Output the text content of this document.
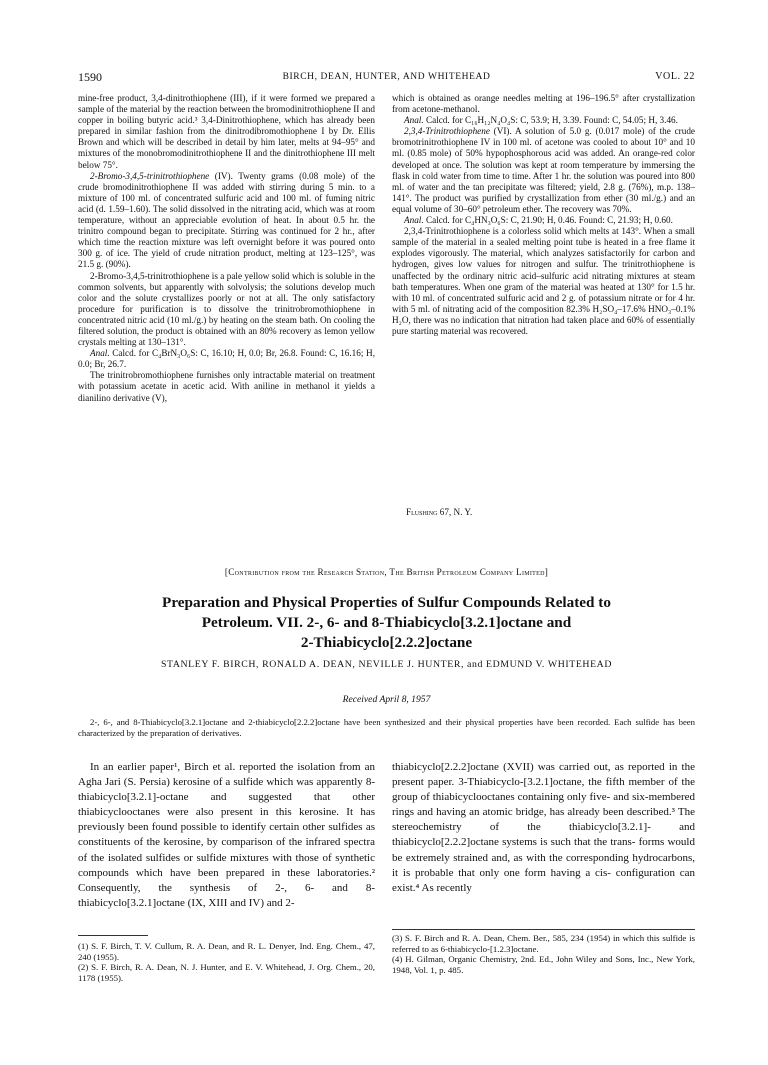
1590	BIRCH, DEAN, HUNTER, AND WHITEHEAD	VOL. 22

mine-free product, 3,4-dinitrothiophene (III), if it were formed we prepared a sample of the material by the reaction between the bromodinitrothiophene II and copper in boiling butyric acid.³ 3,4-Dinitrothiophene, which has already been prepared in similar fashion from the dinitrodibromothiophene I by Dr. Ellis Brown and which will be described in detail by him later, melts at 94–95° and mixtures of the monobromodinitrothiophene II and the dinitrothiophene III melt below 75°.

2-Bromo-3,4,5-trinitrothiophene (IV). Twenty grams (0.08 mole) of the crude bromodinitrothiophene II was added with stirring during 5 min. to a mixture of 100 ml. of concentrated sulfuric acid and 100 ml. of fuming nitric acid (d. 1.59–1.60). The solid dissolved in the nitrating acid, which was at room temperature, without an appreciable evolution of heat. In about 0.5 hr. the trinitro compound began to precipitate. Stirring was continued for 2 hr., after which time the reaction mixture was left overnight before it was poured onto 300 g. of ice. The yield of crude nitration product, melting at 123–125°, was 21.5 g. (90%).

2-Bromo-3,4,5-trinitrothiophene is a pale yellow solid which is soluble in the common solvents, but apparently with solvolysis; the solutions develop much color and the solute crystallizes poorly or not at all. The only satisfactory procedure for purification is to dissolve the trinitrobromothiophene in concentrated nitric acid (10 ml./g.) by heating on the steam bath. On cooling the filtered solution, the product is obtained with an 80% recovery as lemon yellow crystals melting at 130–131°.

Anal. Calcd. for C₄BrN₃O₆S: C, 16.10; H, 0.0; Br, 26.8. Found: C, 16.16; H, 0.0; Br, 26.7.

The trinitrobromothiophene furnishes only intractable material on treatment with potassium acetate in acetic acid. With aniline in methanol it yields a dianilino derivative (V),

which is obtained as orange needles melting at 196–196.5° after crystallization from acetone-methanol.

Anal. Calcd. for C₁₆H₁₂N₄O₄S: C, 53.9; H, 3.39. Found: C, 54.05; H, 3.46.

2,3,4-Trinitrothiophene (VI). A solution of 5.0 g. (0.017 mole) of the crude bromotrinitrothiophene IV in 100 ml. of acetone was cooled to about 10° and 10 ml. (0.85 mole) of 50% hypophosphorous acid was added. An orange-red color developed at once. The solution was kept at room temperature by immersing the flask in cold water from time to time. After 1 hr. the solution was poured into 800 ml. of water and the tan precipitate was filtered; yield, 2.8 g. (76%), m.p. 138–141°. The product was purified by crystallization from ether (30 ml./g.) and an equal volume of 30–60° petroleum ether. The recovery was 70%.

Anal. Calcd. for C₄HN₃O₆S: C, 21.90; H, 0.46. Found: C, 21.93; H, 0.60.

2,3,4-Trinitrothiophene is a colorless solid which melts at 143°. When a small sample of the material in a sealed melting point tube is heated in a free flame it explodes vigorously. The material, which analyzes satisfactorily for carbon and hydrogen, gives low values for nitrogen and sulfur. The trinitrothiophene is unaffected by the ordinary nitric acid–sulfuric acid nitrating mixtures at steam bath temperatures. When one gram of the material was heated at 130° for 1.5 hr. with 10 ml. of concentrated sulfuric acid and 2 g. of potassium nitrate or for 4 hr. with 5 ml. of nitrating acid of the composition 82.3% H₂SO₄–17.6% HNO₃–0.1% H₂O, there was no indication that nitration had taken place and 60% of essentially pure starting material was recovered.

Flushing 67, N. Y.
[Contribution from the Research Station, The British Petroleum Company Limited]
Preparation and Physical Properties of Sulfur Compounds Related to
Petroleum. VII. 2-, 6- and 8-Thiabicyclo[3.2.1]octane and
2-Thiabicyclo[2.2.2]octane
STANLEY F. BIRCH, RONALD A. DEAN, NEVILLE J. HUNTER, and EDMUND V. WHITEHEAD
Received April 8, 1957
2-, 6-, and 8-Thiabicyclo[3.2.1]octane and 2-thiabicyclo[2.2.2]octane have been synthesized and their physical properties have been recorded. Each sulfide has been characterized by the preparation of derivatives.

In an earlier paper¹, Birch et al. reported the isolation from an Agha Jari (S. Persia) kerosine of a sulfide which was apparently 8-thiabicyclo[3.2.1]-octane and suggested that other thiabicyclooctanes were also present in this kerosine. It has previously been found possible to identify certain other sulfides as constituents of the kerosine, by comparison of the infrared spectra of the isolated sulfides or sulfide mixtures with those of synthetic compounds which have been prepared in these laboratories.² Consequently, the synthesis of 2-, 6- and 8-thiabicyclo[3.2.1]octane (IX, XIII and IV) and 2-

thiabicyclo[2.2.2]octane (XVII) was carried out, as reported in the present paper. 3-Thiabicyclo-[3.2.1]octane, the fifth member of the group of thiabicyclooctanes containing only five- and six-membered rings and having an atomic bridge, has already been described.³ The stereochemistry of the thiabicyclo[3.2.1]- and thiabicyclo[2.2.2]octane systems is such that the trans- forms would be extremely strained and, as with the corresponding hydrocarbons, it is probable that only one form having a cis- configuration can exist.⁴ As recently

(1) S. F. Birch, T. V. Cullum, R. A. Dean, and R. L. Denyer, Ind. Eng. Chem., 47, 240 (1955).

(2) S. F. Birch, R. A. Dean, N. J. Hunter, and E. V. Whitehead, J. Org. Chem., 20, 1178 (1955).

(3) S. F. Birch and R. A. Dean, Chem. Ber., 585, 234 (1954) in which this sulfide is referred to as 6-thiabicyclo-[1.2.3]octane.

(4) H. Gilman, Organic Chemistry, 2nd. Ed., John Wiley and Sons, Inc., New York, 1948, Vol. 1, p. 485.
